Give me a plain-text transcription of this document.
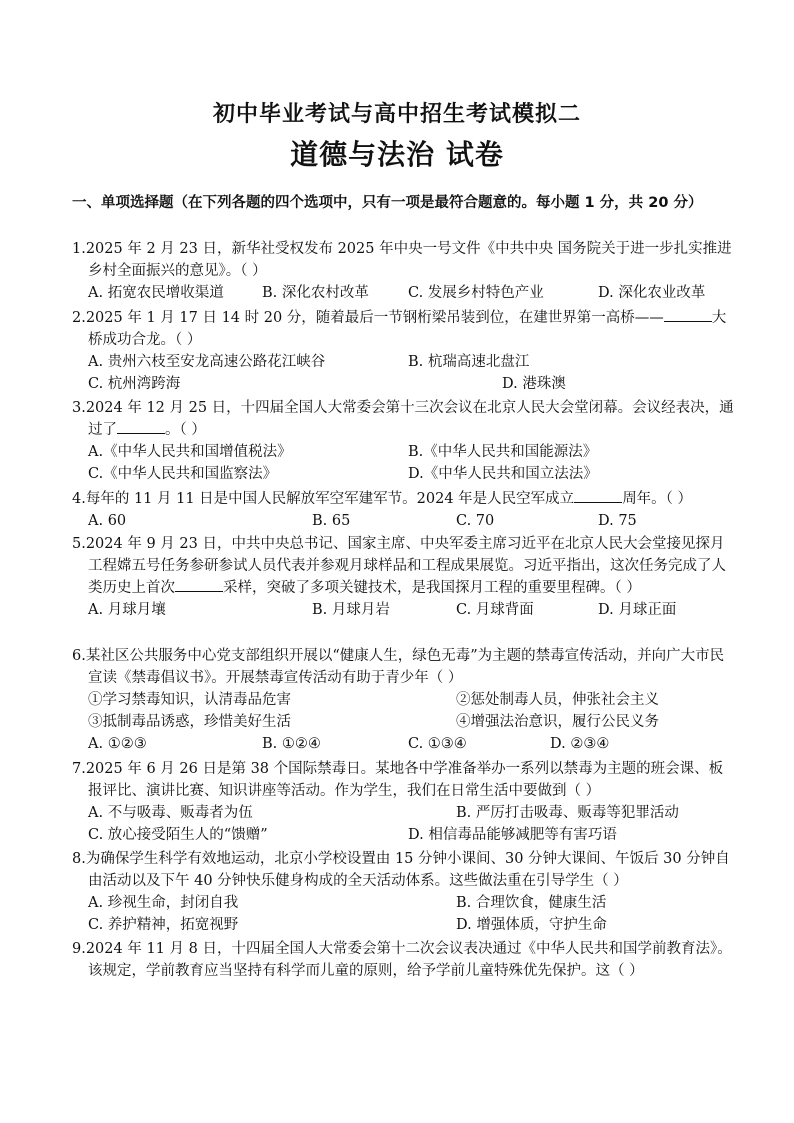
初中毕业考试与高中招生考试模拟二
道德与法治 试卷
一、单项选择题（在下列各题的四个选项中，只有一项是最符合题意的。每小题 1 分，共 20 分）
1.2025 年 2 月 23 日，新华社受权发布 2025 年中央一号文件《中共中央 国务院关于进一步扎实推进乡村全面振兴的意见》。（ ）
A. 拓宽农民增收渠道	B. 深化农村改革	C. 发展乡村特色产业	D. 深化农业改革
2.2025 年 1 月 17 日 14 时 20 分，随着最后一节钢桁梁吊装到位，在建世界第一高桥——	大桥成功合龙。（ ）
A. 贵州六枝至安龙高速公路花江峡谷	B. 杭瑞高速北盘江
C. 杭州湾跨海	D. 港珠澳
3.2024 年 12 月 25 日，十四届全国人大常委会第十三次会议在北京人民大会堂闭幕。会议经表决，通过了	。（ ）
A.《中华人民共和国增值税法》	B.《中华人民共和国能源法》
C.《中华人民共和国监察法》	D.《中华人民共和国立法法》
4.每年的 11 月 11 日是中国人民解放军空军建军节。2024 年是人民空军成立	周年。（ ）
A. 60	B. 65	C. 70	D. 75
5.2024 年 9 月 23 日，中共中央总书记、国家主席、中央军委主席习近平在北京人民大会堂接见探月工程嫦五号任务参研参试人员代表并参观月球样品和工程成果展览。习近平指出，这次任务完成了人类历史上首次	采样，突破了多项关键技术，是我国探月工程的重要里程碑。（ ）
A. 月球月壤	B. 月球月岩	C. 月球背面	D. 月球正面
6.某社区公共服务中心党支部组织开展以“健康人生，绿色无毒”为主题的禁毒宣传活动，并向广大市民宣读《禁毒倡议书》。开展禁毒宣传活动有助于青少年（ ）
①学习禁毒知识，认清毒品危害	②惩处制毒人员，伸张社会主义
③抵制毒品诱惑，珍惜美好生活	④增强法治意识，履行公民义务
A. ①②③	B. ①②④	C. ①③④	D. ②③④
7.2025 年 6 月 26 日是第 38 个国际禁毒日。某地各中学准备举办一系列以禁毒为主题的班会课、板报评比、演讲比赛、知识讲座等活动。作为学生，我们在日常生活中要做到（ ）
A. 不与吸毒、贩毒者为伍	B. 严厉打击吸毒、贩毒等犯罪活动
C. 放心接受陌生人的“馈赠”	D. 相信毒品能够减肥等有害巧语
8.为确保学生科学有效地运动，北京小学校设置由 15 分钟小课间、30 分钟大课间、午饭后 30 分钟自由活动以及下午 40 分钟快乐健身构成的全天活动体系。这些做法重在引导学生（ ）
A. 珍视生命，封闭自我	B. 合理饮食，健康生活
C. 养护精神，拓宽视野	D. 增强体质，守护生命
9.2024 年 11 月 8 日，十四届全国人大常委会第十二次会议表决通过《中华人民共和国学前教育法》。该规定，学前教育应当坚持有科学而儿童的原则，给予学前儿童特殊优先保护。这（ ）
